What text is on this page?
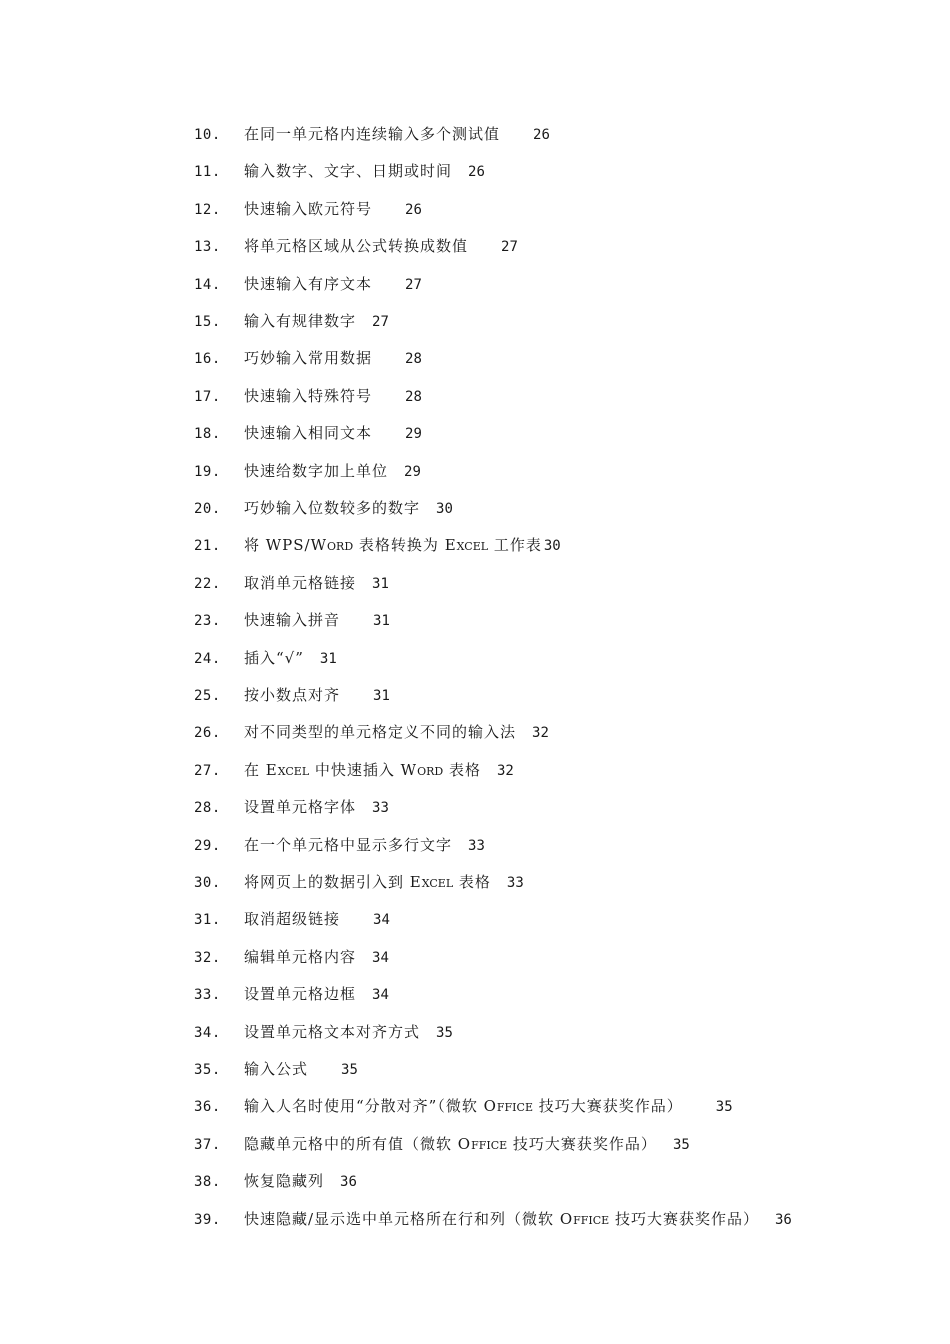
10. 在同一单元格内连续输入多个测试值 26
11. 输入数字、文字、日期或时间 26
12. 快速输入欧元符号 26
13. 将单元格区域从公式转换成数值 27
14. 快速输入有序文本 27
15. 输入有规律数字 27
16. 巧妙输入常用数据 28
17. 快速输入特殊符号 28
18. 快速输入相同文本 29
19. 快速给数字加上单位 29
20. 巧妙输入位数较多的数字 30
21. 将 WPS/WORD 表格转换为 EXCEL 工作表 30
22. 取消单元格链接 31
23. 快速输入拼音 31
24. 插入“√” 31
25. 按小数点对齐 31
26. 对不同类型的单元格定义不同的输入法 32
27. 在 EXCEL 中快速插入 WORD 表格 32
28. 设置单元格字体 33
29. 在一个单元格中显示多行文字 33
30. 将网页上的数据引入到 EXCEL 表格 33
31. 取消超级链接 34
32. 编辑单元格内容 34
33. 设置单元格边框 34
34. 设置单元格文本对齐方式 35
35. 输入公式 35
36. 输入人名时使用“分散对齐”（微软 OFFICE 技巧大赛获奖作品） 35
37. 隐藏单元格中的所有值（微软 OFFICE 技巧大赛获奖作品） 35
38. 恢复隐藏列 36
39. 快速隐藏/显示选中单元格所在行和列（微软 OFFICE 技巧大赛获奖作品） 36
